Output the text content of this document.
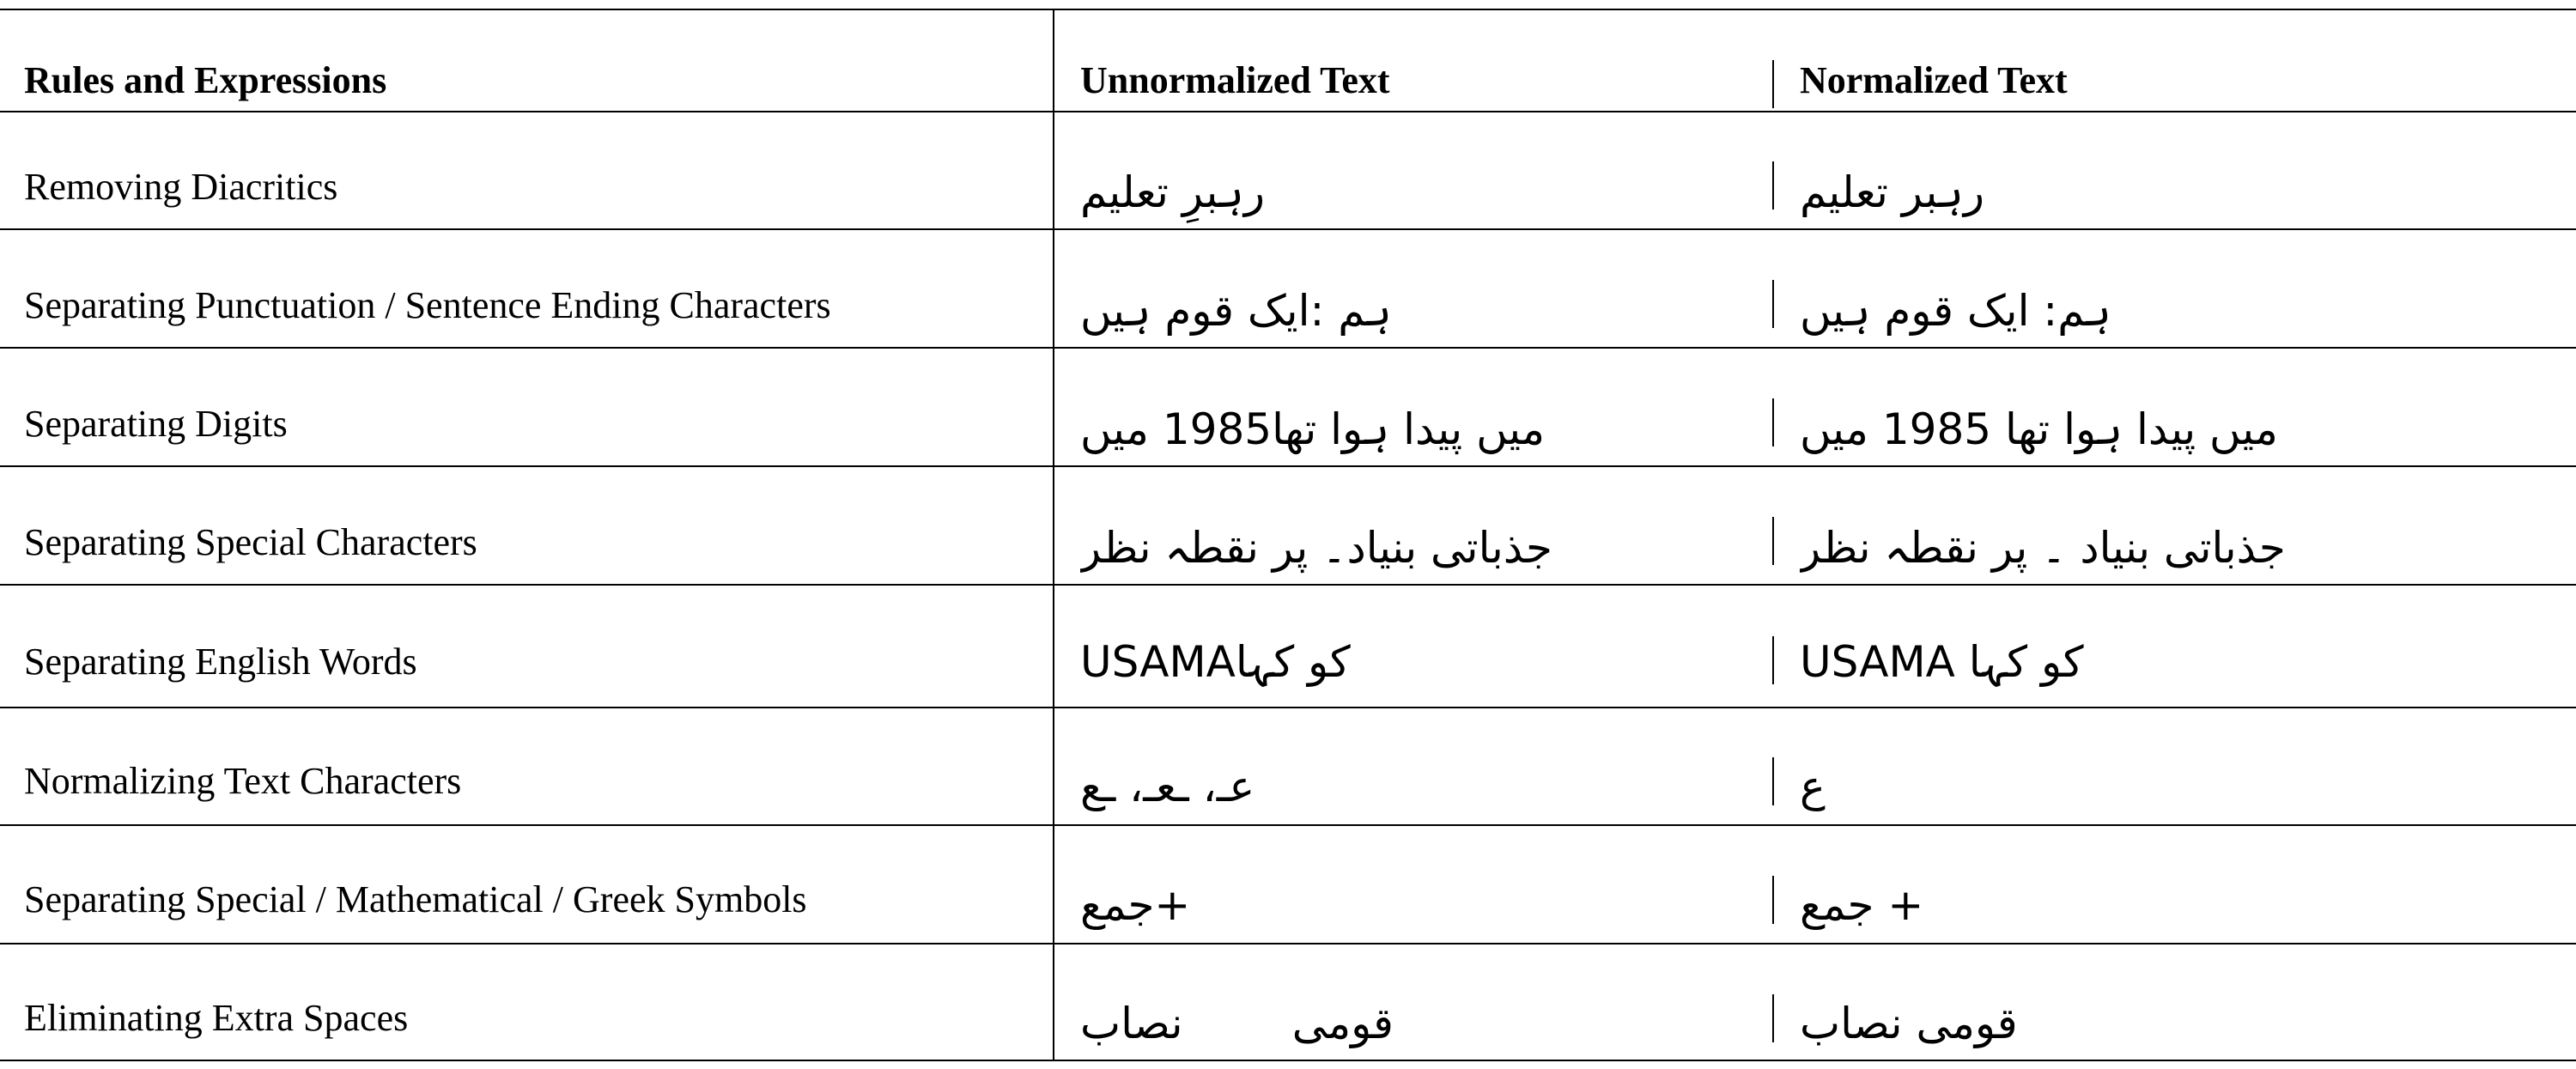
Rules and Expressions	Unnormalized Text	Normalized Text
Removing Diacritics	رہبرِ تعلیم	رہبر تعلیم
Separating Punctuation / Sentence Ending Characters	ہم :ایک قوم ہیں	ہم: ایک قوم ہیں
Separating Digits	میں پیدا ہوا تھا1985 میں	میں پیدا ہوا تھا 1985 میں
Separating Special Characters	جذباتی بنیاد۔ پر نقطہ نظر	جذباتی بنیاد ۔ پر نقطہ نظر
Separating English Words	USAMAکو کہا	USAMA کو کہا
Normalizing Text Characters	عـ، ـعـ، ـع	ع
Separating Special / Mathematical / Greek Symbols	+جمع	+ جمع
Eliminating Extra Spaces	قومی        نصاب	قومی نصاب
